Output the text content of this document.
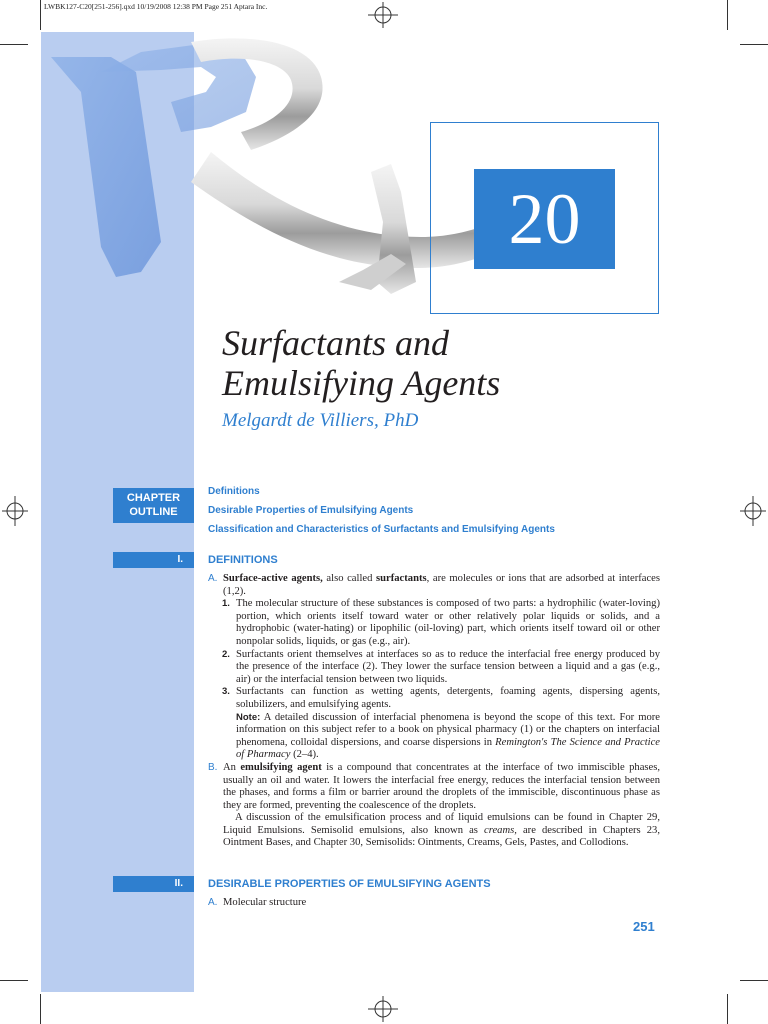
LWBK127-C20[251-256].qxd 10/19/2008 12:38 PM Page 251 Aptara Inc.
20
Surfactants and
Emulsifying Agents
Melgardt de Villiers, PhD
CHAPTER
OUTLINE
Definitions
Desirable Properties of Emulsifying Agents
Classification and Characteristics of Surfactants and Emulsifying Agents
I.	DEFINITIONS
A. Surface-active agents, also called surfactants, are molecules or ions that are adsorbed at interfaces (1,2).
1. The molecular structure of these substances is composed of two parts: a hydrophilic (water-loving) portion, which orients itself toward water or other relatively polar liquids or solids, and a hydrophobic (water-hating) or lipophilic (oil-loving) part, which orients itself toward oil or other nonpolar solids, liquids, or gas (e.g., air).
2. Surfactants orient themselves at interfaces so as to reduce the interfacial free energy produced by the presence of the interface (2). They lower the surface tension between a liquid and a gas (e.g., air) or the interfacial tension between two liquids.
3. Surfactants can function as wetting agents, detergents, foaming agents, dispersing agents, solubilizers, and emulsifying agents.
Note: A detailed discussion of interfacial phenomena is beyond the scope of this text. For more information on this subject refer to a book on physical pharmacy (1) or the chapters on interfacial phenomena, colloidal dispersions, and coarse dispersions in Remington's The Science and Practice of Pharmacy (2–4).
B. An emulsifying agent is a compound that concentrates at the interface of two immiscible phases, usually an oil and water. It lowers the interfacial free energy, reduces the interfacial tension between the phases, and forms a film or barrier around the droplets of the immiscible, discontinuous phase as they are formed, preventing the coalescence of the droplets.
A discussion of the emulsification process and of liquid emulsions can be found in Chapter 29, Liquid Emulsions. Semisolid emulsions, also known as creams, are described in Chapters 23, Ointment Bases, and Chapter 30, Semisolids: Ointments, Creams, Gels, Pastes, and Collodions.
II.	DESIRABLE PROPERTIES OF EMULSIFYING AGENTS
A. Molecular structure
251
